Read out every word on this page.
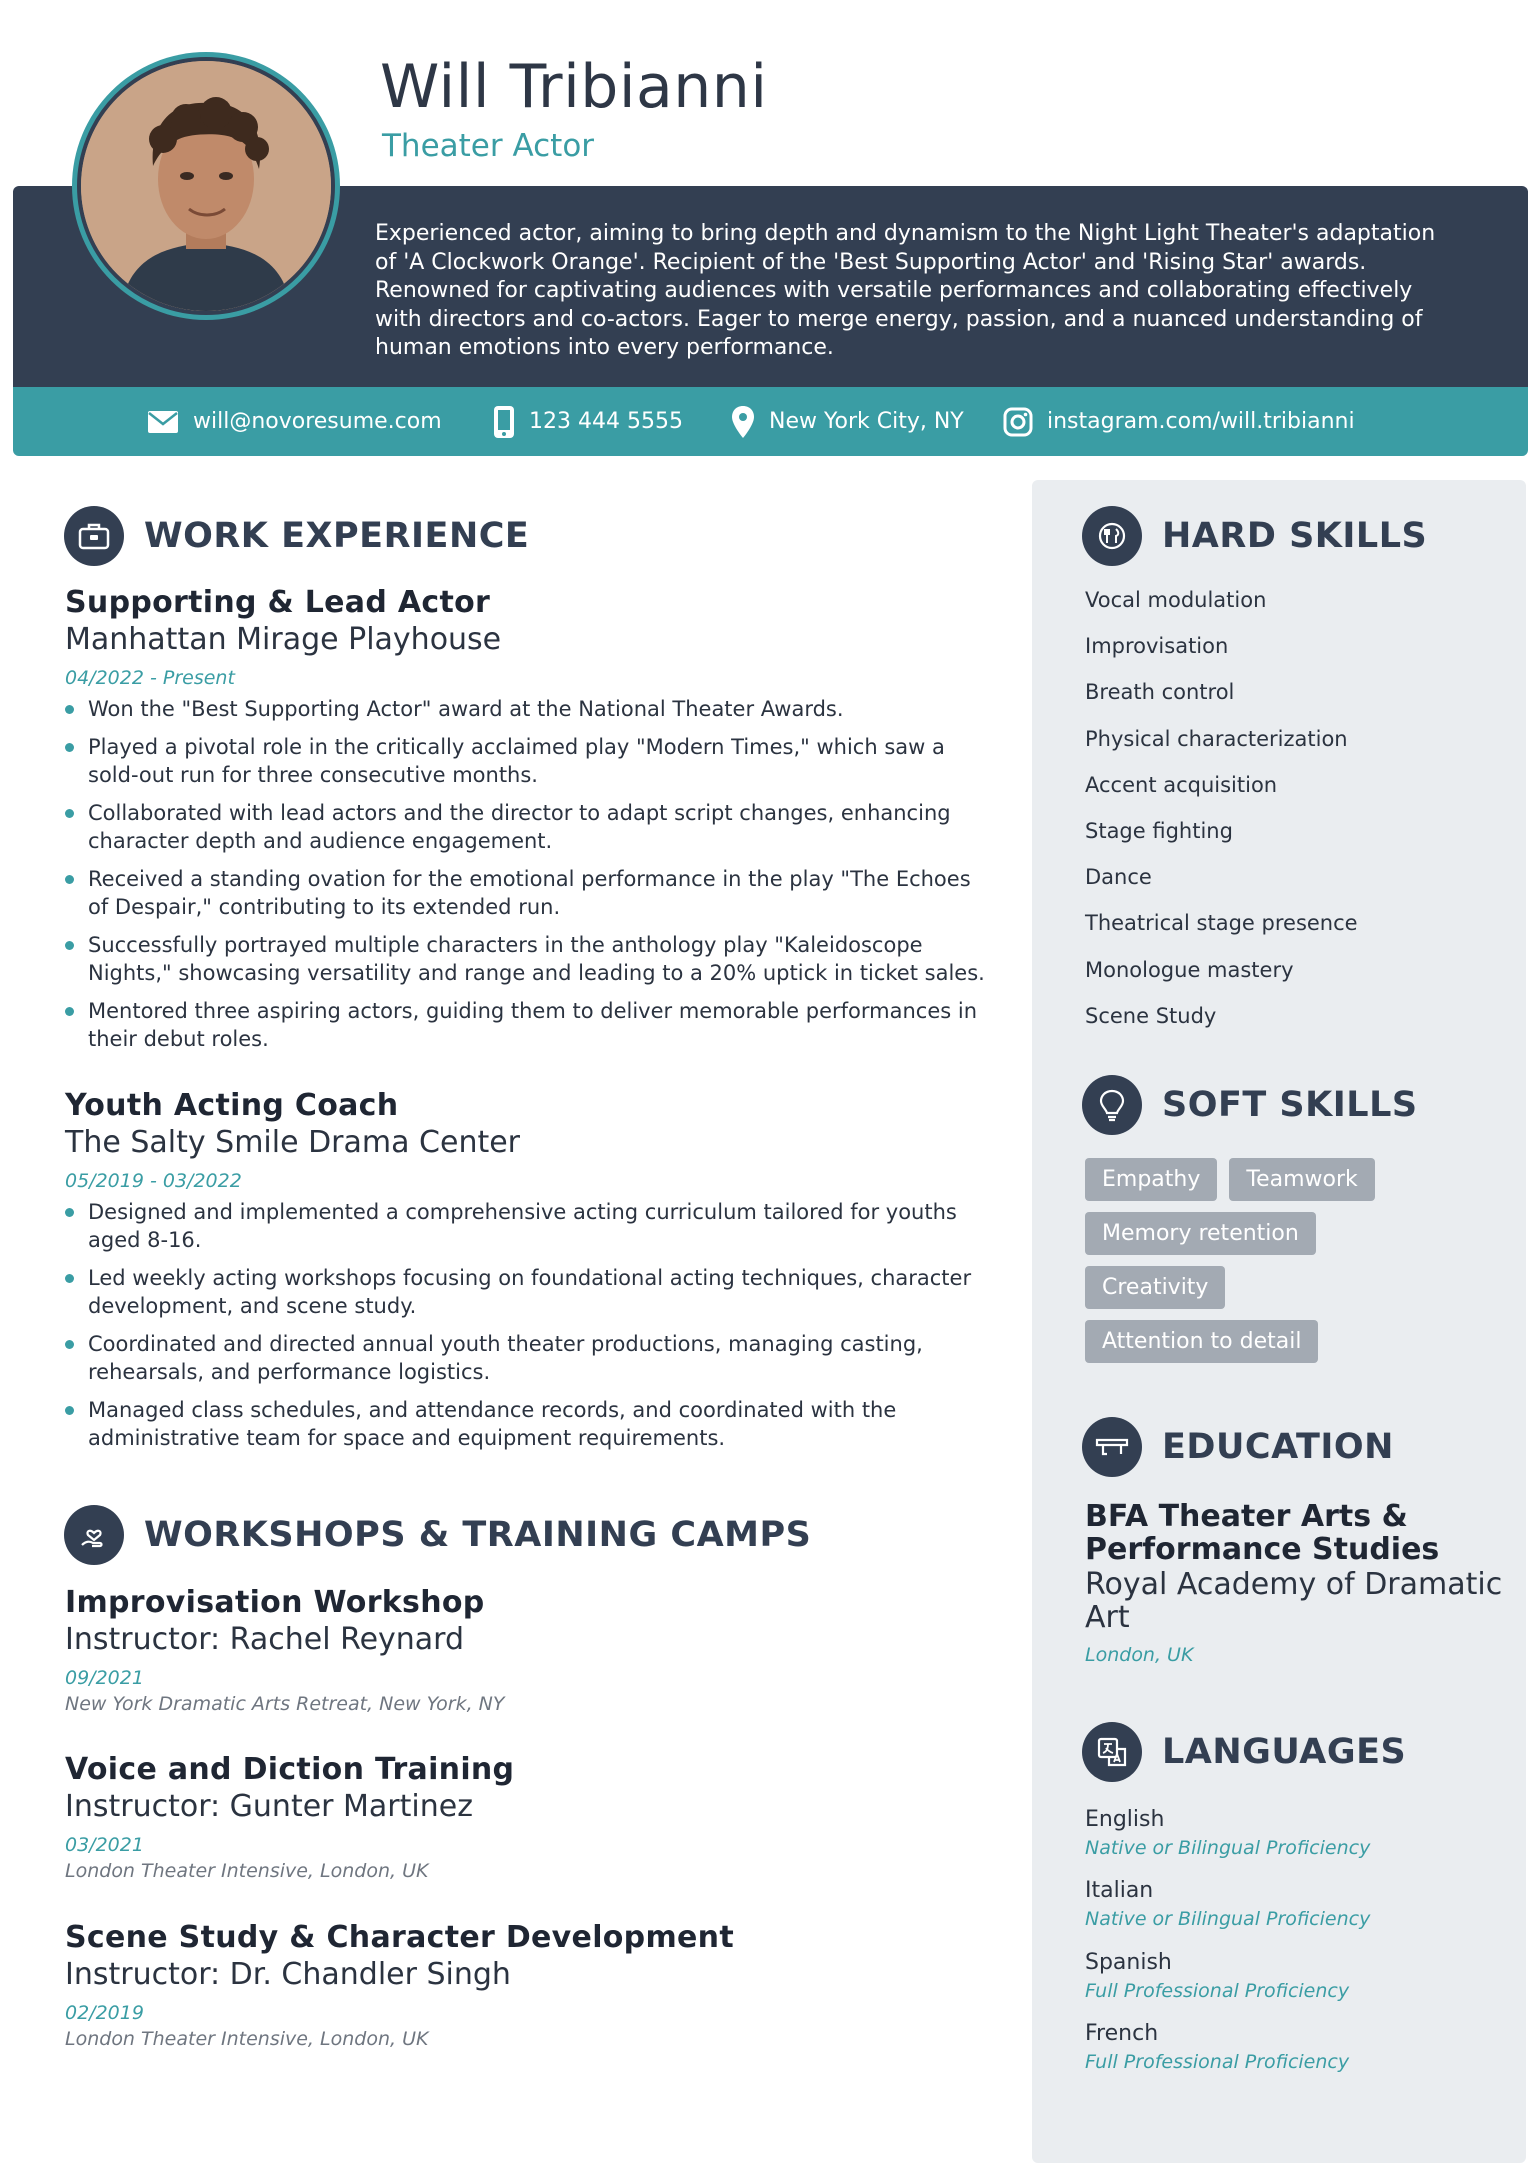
Experienced actor, aiming to bring depth and dynamism to the Night Light Theater's adaptation of 'A Clockwork Orange'. Recipient of the 'Best Supporting Actor' and 'Rising Star' awards. Renowned for captivating audiences with versatile performances and collaborating effectively with directors and co-actors. Eager to merge energy, passion, and a nuanced understanding of human emotions into every performance.
will@novoresume.com	123 444 5555	New York City, NY	instagram.com/will.tribianni
Will Tribianni
Theater Actor
WORK EXPERIENCE
Supporting & Lead Actor
Manhattan Mirage Playhouse
04/2022 - Present
Won the "Best Supporting Actor" award at the National Theater Awards.
Played a pivotal role in the critically acclaimed play "Modern Times," which saw a sold-out run for three consecutive months.
Collaborated with lead actors and the director to adapt script changes, enhancing character depth and audience engagement.
Received a standing ovation for the emotional performance in the play "The Echoes of Despair," contributing to its extended run.
Successfully portrayed multiple characters in the anthology play "Kaleidoscope Nights," showcasing versatility and range and leading to a 20% uptick in ticket sales.
Mentored three aspiring actors, guiding them to deliver memorable performances in their debut roles.
Youth Acting Coach
The Salty Smile Drama Center
05/2019 - 03/2022
Designed and implemented a comprehensive acting curriculum tailored for youths aged 8-16.
Led weekly acting workshops focusing on foundational acting techniques, character development, and scene study.
Coordinated and directed annual youth theater productions, managing casting, rehearsals, and performance logistics.
Managed class schedules, and attendance records, and coordinated with the administrative team for space and equipment requirements.
WORKSHOPS & TRAINING CAMPS
Improvisation Workshop
Instructor: Rachel Reynard
09/2021
New York Dramatic Arts Retreat, New York, NY
Voice and Diction Training
Instructor: Gunter Martinez
03/2021
London Theater Intensive, London, UK
Scene Study & Character Development
Instructor: Dr. Chandler Singh
02/2019
London Theater Intensive, London, UK
HARD SKILLS
Vocal modulation
Improvisation
Breath control
Physical characterization
Accent acquisition
Stage fighting
Dance
Theatrical stage presence
Monologue mastery
Scene Study
SOFT SKILLS
Empathy	Teamwork
Memory retention
Creativity
Attention to detail
EDUCATION
BFA Theater Arts & Performance Studies
Royal Academy of Dramatic Art
London, UK
LANGUAGES
English
Native or Bilingual Proficiency
Italian
Native or Bilingual Proficiency
Spanish
Full Professional Proficiency
French
Full Professional Proficiency
